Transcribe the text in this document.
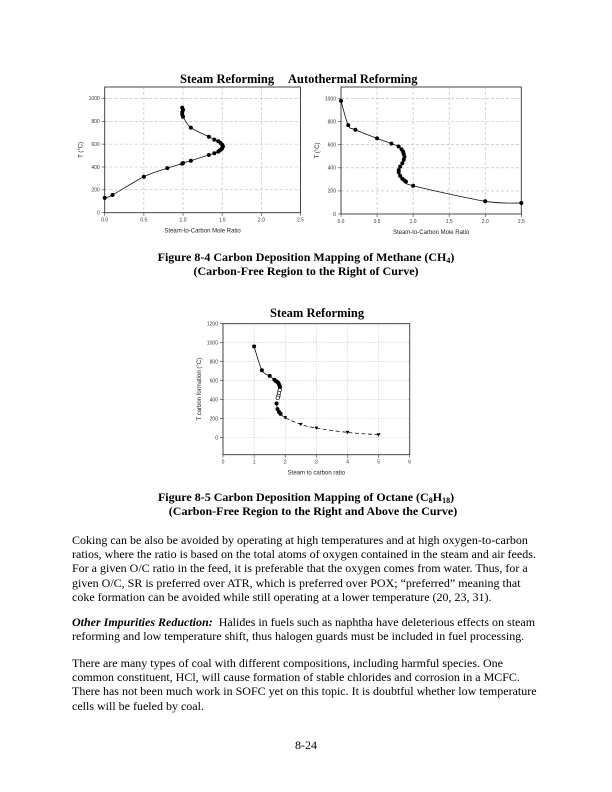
Steam Reforming Autothermal Reforming
0
200
400
600
800
1000
0.0	0.5	1.0	1.5	2.0	2.5
Steam-to-Carbon Mole Ratio
T (°C)
0
200
400
600
800
1000
0.0	0.5	1.0	1.5	2.0	2.5
Steam-to-Carbon Mole Ratio
T (°C)
0
200
400
600
800
1000
1200
0	1	2	3	4	5	6
Steam to carbon ratio
T carbon formation (°C)
Figure 8-4 Carbon Deposition Mapping of Methane $(CH_4)$
(Carbon-Free Region to the Right of Curve)
Steam Reforming
Figure 8-5 Carbon Deposition Mapping of Octane $(C_8H_{18})$
(Carbon-Free Region to the Right and Above the Curve)
Coking can be also be avoided by operating at high temperatures and at high oxygen-to-carbon ratios, where the ratio is based on the total atoms of oxygen contained in the steam and air feeds. For a given O/C ratio in the feed, it is preferable that the oxygen comes from water. Thus, for a given O/C, SR is preferred over ATR, which is preferred over POX; “preferred” meaning that coke formation can be avoided while still operating at a lower temperature (20, 23, 31).
Other Impurities Reduction:  Halides in fuels such as naphtha have deleterious effects on steam reforming and low temperature shift, thus halogen guards must be included in fuel processing.
There are many types of coal with different compositions, including harmful species. One common constituent, HCl, will cause formation of stable chlorides and corrosion in a MCFC. There has not been much work in SOFC yet on this topic. It is doubtful whether low temperature cells will be fueled by coal.
8-24
